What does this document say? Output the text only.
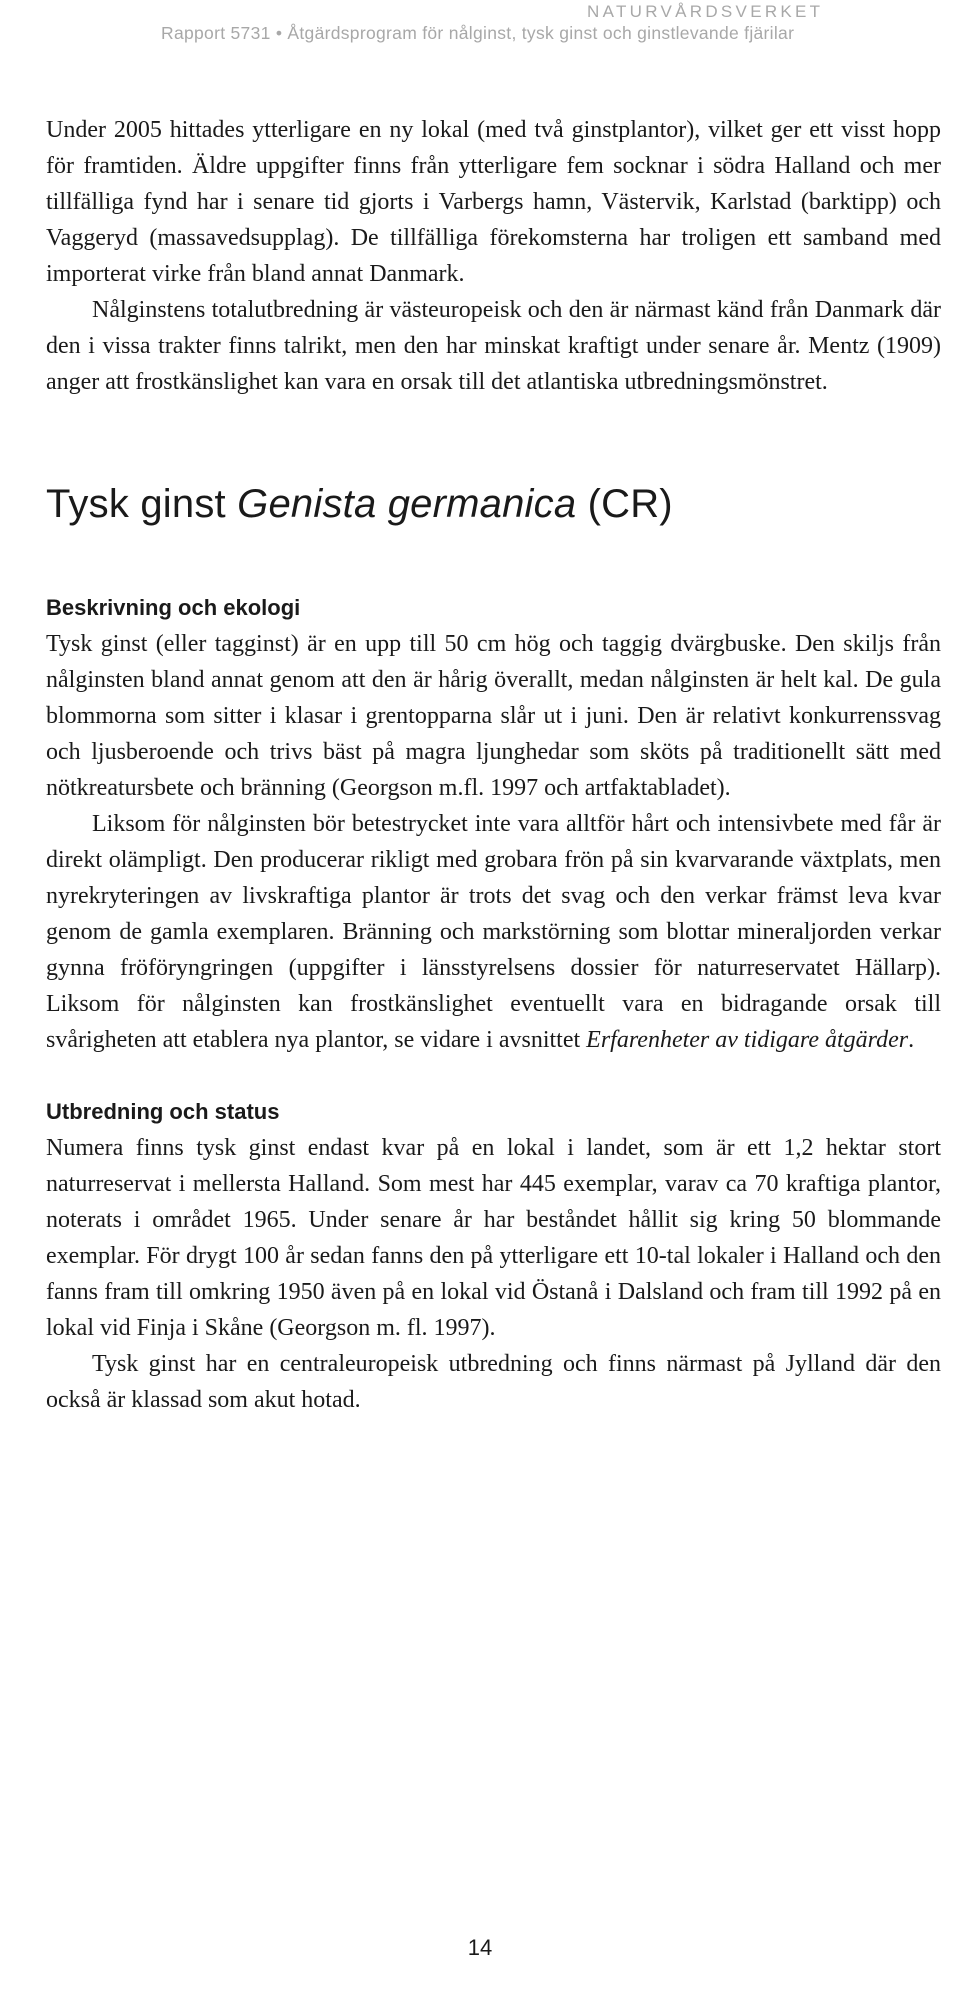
NATURVÅRDSVERKET
Rapport 5731 • Åtgärdsprogram för nålginst, tysk ginst och ginstlevande fjärilar

Under 2005 hittades ytterligare en ny lokal (med två ginstplantor), vilket ger ett visst hopp för framtiden. Äldre uppgifter finns från ytterligare fem socknar i södra Halland och mer tillfälliga fynd har i senare tid gjorts i Varbergs hamn, Västervik, Karlstad (barktipp) och Vaggeryd (massavedsupplag). De tillfälliga förekomsterna har troligen ett samband med importerat virke från bland annat Danmark.

Nålginstens totalutbredning är västeuropeisk och den är närmast känd från Danmark där den i vissa trakter finns talrikt, men den har minskat kraftigt under senare år. Mentz (1909) anger att frostkänslighet kan vara en orsak till det atlantiska utbredningsmönstret.

Tysk ginst Genista germanica (CR)
Beskrivning och ekologi

Tysk ginst (eller tagginst) är en upp till 50 cm hög och taggig dvärgbuske. Den skiljs från nålginsten bland annat genom att den är hårig överallt, medan nålginsten är helt kal. De gula blommorna som sitter i klasar i grentopparna slår ut i juni. Den är relativt konkurrenssvag och ljusberoende och trivs bäst på magra ljunghedar som sköts på traditionellt sätt med nötkreatursbete och bränning (Georgson m.fl. 1997 och artfaktabladet).

Liksom för nålginsten bör betestrycket inte vara alltför hårt och intensivbete med får är direkt olämpligt. Den producerar rikligt med grobara frön på sin kvarvarande växtplats, men nyrekryteringen av livskraftiga plantor är trots det svag och den verkar främst leva kvar genom de gamla exemplaren. Bränning och markstörning som blottar mineraljorden verkar gynna fröföryngringen (uppgifter i länsstyrelsens dossier för naturreservatet Hällarp). Liksom för nålginsten kan frostkänslighet eventuellt vara en bidragande orsak till svårigheten att etablera nya plantor, se vidare i avsnittet Erfarenheter av tidigare åtgärder.

Utbredning och status

Numera finns tysk ginst endast kvar på en lokal i landet, som är ett 1,2 hektar stort naturreservat i mellersta Halland. Som mest har 445 exemplar, varav ca 70 kraftiga plantor, noterats i området 1965. Under senare år har beståndet hållit sig kring 50 blommande exemplar. För drygt 100 år sedan fanns den på ytterligare ett 10-tal lokaler i Halland och den fanns fram till omkring 1950 även på en lokal vid Östanå i Dalsland och fram till 1992 på en lokal vid Finja i Skåne (Georgson m. fl. 1997).

Tysk ginst har en centraleuropeisk utbredning och finns närmast på Jylland där den också är klassad som akut hotad.

14
